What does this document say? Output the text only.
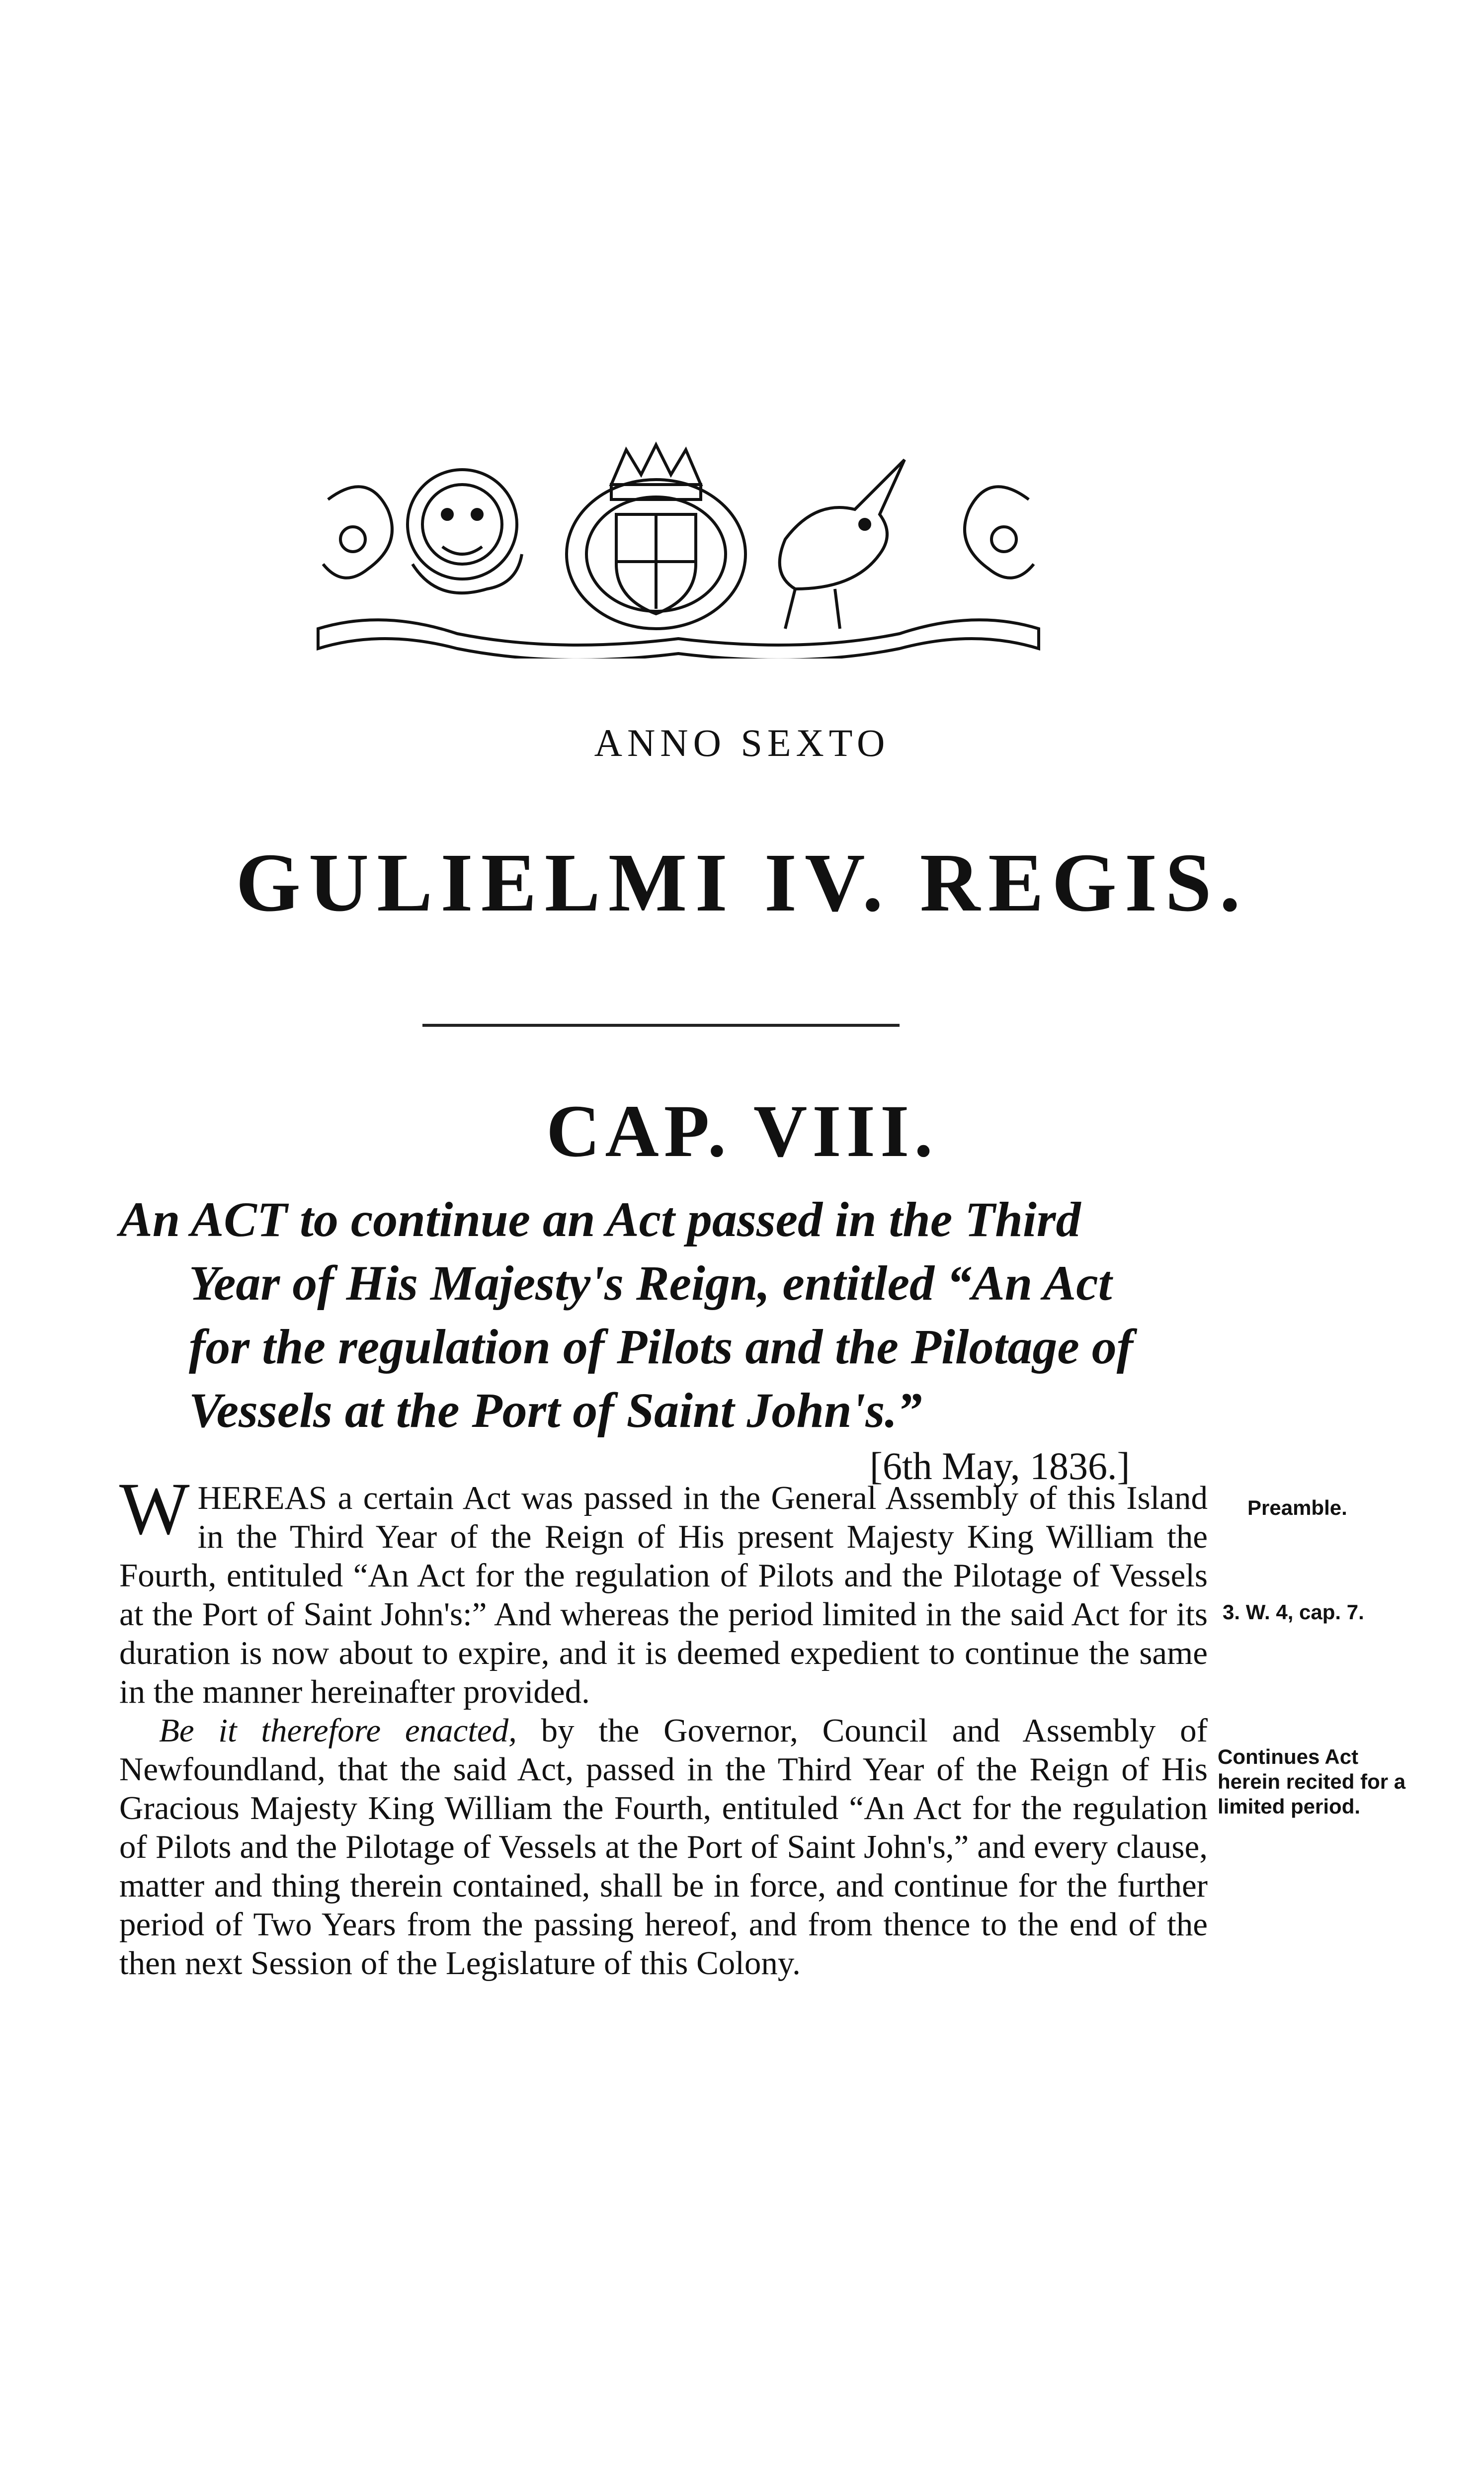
ANNO SEXTO
GULIELMI IV. REGIS.
CAP. VIII.
An ACT to continue an Act passed in the Third
Year of His Majesty's Reign, entitled “An Act
for the regulation of Pilots and the Pilotage of
Vessels at the Port of Saint John's.”
[6th May, 1836.]

WHEREAS a certain Act was passed in the General Assembly of this Island in the Third Year of the Reign of His present Majesty King William the Fourth, entituled “An Act for the regulation of Pilots and the Pilotage of Vessels at the Port of Saint John's:” And whereas the period limited in the said Act for its duration is now about to expire, and it is deemed expedient to continue the same in the manner hereinafter provided.

Be it therefore enacted, by the Governor, Council and Assembly of Newfoundland, that the said Act, passed in the Third Year of the Reign of His Gracious Majesty King William the Fourth, entituled “An Act for the regulation of Pilots and the Pilotage of Vessels at the Port of Saint John's,” and every clause, matter and thing therein contained, shall be in force, and continue for the further period of Two Years from the passing hereof, and from thence to the end of the then next Session of the Legislature of this Colony.

Preamble.
3. W. 4, cap. 7.
Continues Act herein recited for a limited period.
